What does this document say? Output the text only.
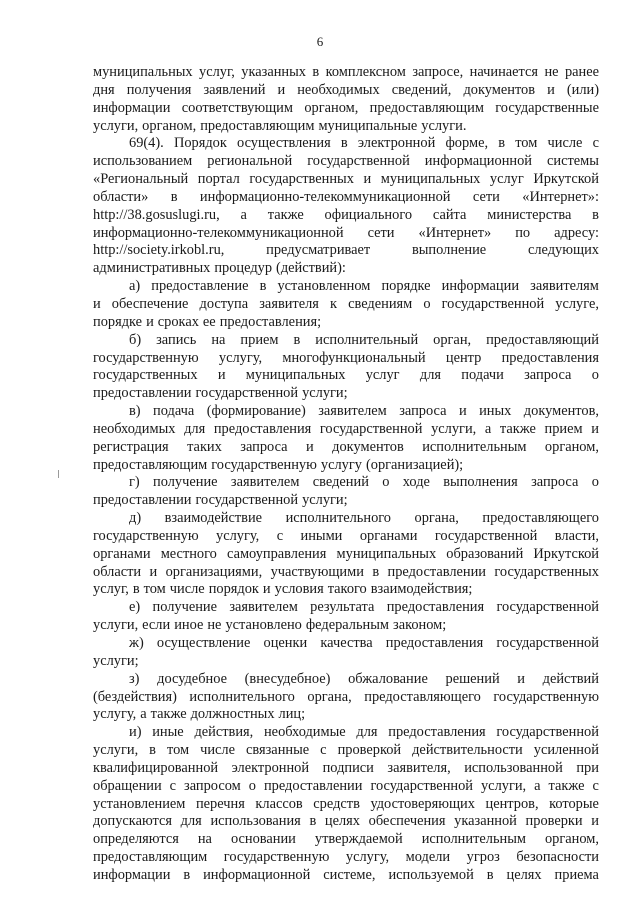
6
муниципальных услуг, указанных в комплексном запросе, начинается не ранее
дня получения заявлений и необходимых сведений, документов и (или)
информации соответствующим органом, предоставляющим государственные
услуги, органом, предоставляющим муниципальные услуги.
69(4). Порядок осуществления в электронной форме, в том числе с
использованием региональной государственной информационной системы
«Региональный портал государственных и муниципальных услуг Иркутской
области» в информационно-телекоммуникационной сети «Интернет»:
http://38.gosuslugi.ru, а также официального сайта министерства в
информационно-телекоммуникационной сети «Интернет» по адресу:
http://society.irkobl.ru,	предусматривает	выполнение	следующих
административных процедур (действий):
а) предоставление в установленном порядке информации заявителям
и обеспечение доступа заявителя к сведениям о государственной услуге,
порядке и сроках ее предоставления;
б) запись на прием в исполнительный орган, предоставляющий
государственную услугу, многофункциональный центр предоставления
государственных и муниципальных услуг для подачи запроса о
предоставлении государственной услуги;
в) подача (формирование) заявителем запроса и иных документов,
необходимых для предоставления государственной услуги, а также прием и
регистрация таких запроса и документов исполнительным органом,
предоставляющим государственную услугу (организацией);
г) получение заявителем сведений о ходе выполнения запроса о
предоставлении государственной услуги;
д) взаимодействие исполнительного органа, предоставляющего
государственную услугу, с иными органами государственной власти,
органами местного самоуправления муниципальных образований Иркутской
области и организациями, участвующими в предоставлении государственных
услуг, в том числе порядок и условия такого взаимодействия;
е) получение заявителем результата предоставления государственной
услуги, если иное не установлено федеральным законом;
ж) осуществление оценки качества предоставления государственной
услуги;
з) досудебное (внесудебное) обжалование решений и действий
(бездействия) исполнительного органа, предоставляющего государственную
услугу, а также должностных лиц;
и) иные действия, необходимые для предоставления государственной
услуги, в том числе связанные с проверкой действительности усиленной
квалифицированной электронной подписи заявителя, использованной при
обращении с запросом о предоставлении государственной услуги, а также с
установлением перечня классов средств удостоверяющих центров, которые
допускаются для использования в целях обеспечения указанной проверки и
определяются на основании утверждаемой исполнительным органом,
предоставляющим государственную услугу, модели угроз безопасности
информации в информационной системе, используемой в целях приема
